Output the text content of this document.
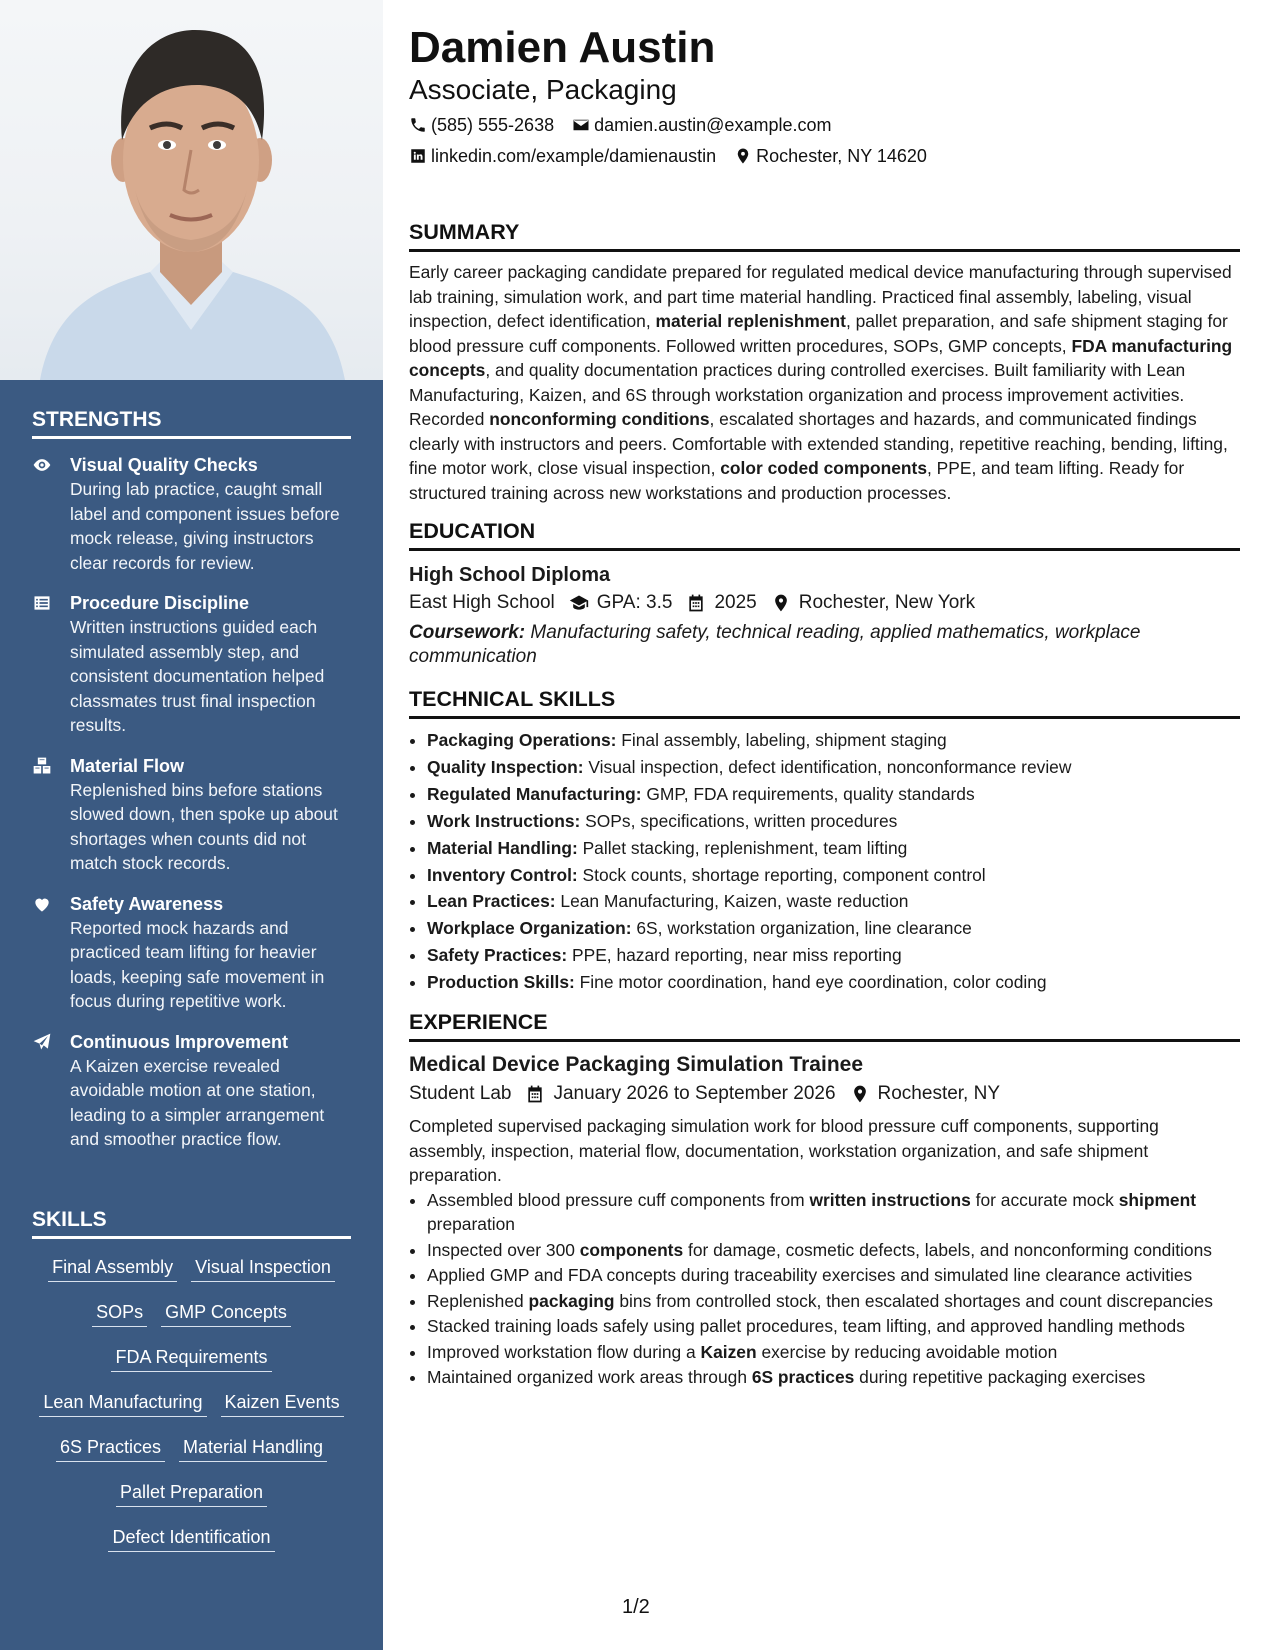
STRENGTHS
Visual Quality Checks
During lab practice, caught small label and component issues before mock release, giving instructors clear records for review.
Procedure Discipline
Written instructions guided each simulated assembly step, and consistent documentation helped classmates trust final inspection results.
Material Flow
Replenished bins before stations slowed down, then spoke up about shortages when counts did not match stock records.
Safety Awareness
Reported mock hazards and practiced team lifting for heavier loads, keeping safe movement in focus during repetitive work.
Continuous Improvement
A Kaizen exercise revealed avoidable motion at one station, leading to a simpler arrangement and smoother practice flow.
SKILLS
Final Assembly Visual Inspection
SOPs GMP Concepts
FDA Requirements
Lean Manufacturing Kaizen Events
6S Practices Material Handling
Pallet Preparation
Defect Identification
Damien Austin
Associate, Packaging
(585) 555-2638 damien.austin@example.com
linkedin.com/example/damienaustin Rochester, NY 14620
SUMMARY

Early career packaging candidate prepared for regulated medical device manufacturing through supervised lab training, simulation work, and part time material handling. Practiced final assembly, labeling, visual inspection, defect identification, material replenishment, pallet preparation, and safe shipment staging for blood pressure cuff components. Followed written procedures, SOPs, GMP concepts, FDA manufacturing concepts, and quality documentation practices during controlled exercises. Built familiarity with Lean Manufacturing, Kaizen, and 6S through workstation organization and process improvement activities. Recorded nonconforming conditions, escalated shortages and hazards, and communicated findings clearly with instructors and peers. Comfortable with extended standing, repetitive reaching, bending, lifting, fine motor work, close visual inspection, color coded components, PPE, and team lifting. Ready for structured training across new workstations and production processes.

EDUCATION
High School Diploma
East High School GPA: 3.5 2025 Rochester, New York
Coursework: Manufacturing safety, technical reading, applied mathematics, workplace communication
TECHNICAL SKILLS
• Packaging Operations: Final assembly, labeling, shipment staging
• Quality Inspection: Visual inspection, defect identification, nonconformance review
• Regulated Manufacturing: GMP, FDA requirements, quality standards
• Work Instructions: SOPs, specifications, written procedures
• Material Handling: Pallet stacking, replenishment, team lifting
• Inventory Control: Stock counts, shortage reporting, component control
• Lean Practices: Lean Manufacturing, Kaizen, waste reduction
• Workplace Organization: 6S, workstation organization, line clearance
• Safety Practices: PPE, hazard reporting, near miss reporting
• Production Skills: Fine motor coordination, hand eye coordination, color coding
EXPERIENCE
Medical Device Packaging Simulation Trainee
Student Lab January 2026 to September 2026 Rochester, NY
Completed supervised packaging simulation work for blood pressure cuff components, supporting assembly, inspection, material flow, documentation, workstation organization, and safe shipment preparation.
• Assembled blood pressure cuff components from written instructions for accurate mock shipment preparation
• Inspected over 300 components for damage, cosmetic defects, labels, and nonconforming conditions
• Applied GMP and FDA concepts during traceability exercises and simulated line clearance activities
• Replenished packaging bins from controlled stock, then escalated shortages and count discrepancies
• Stacked training loads safely using pallet procedures, team lifting, and approved handling methods
• Improved workstation flow during a Kaizen exercise by reducing avoidable motion
• Maintained organized work areas through 6S practices during repetitive packaging exercises
1/2
